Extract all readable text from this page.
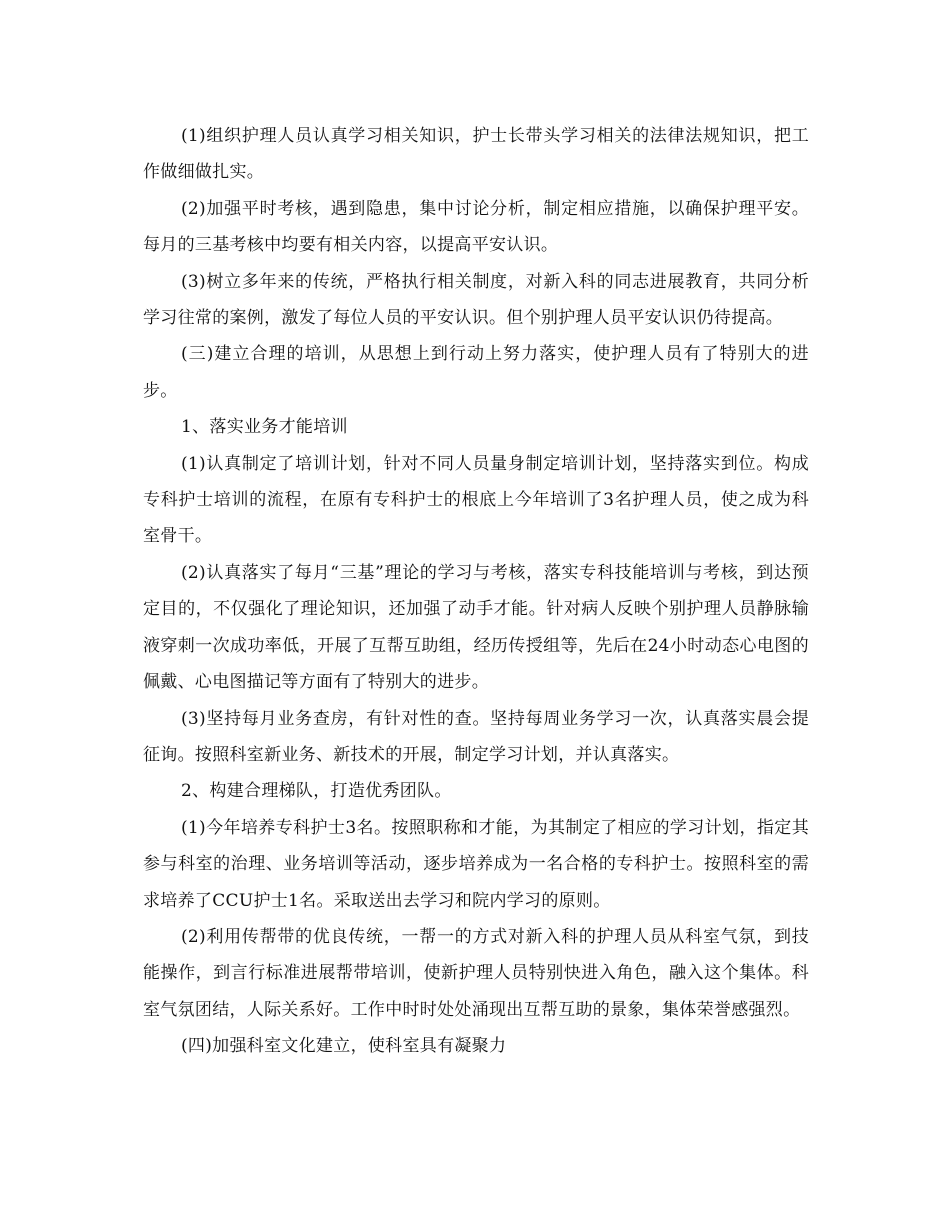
(1)组织护理人员认真学习相关知识，护士长带头学习相关的法律法规知识，把工作做细做扎实。

(2)加强平时考核，遇到隐患，集中讨论分析，制定相应措施，以确保护理平安。每月的三基考核中均要有相关内容，以提高平安认识。

(3)树立多年来的传统，严格执行相关制度，对新入科的同志进展教育，共同分析学习往常的案例，激发了每位人员的平安认识。但个别护理人员平安认识仍待提高。

(三)建立合理的培训，从思想上到行动上努力落实，使护理人员有了特别大的进步。

1、落实业务才能培训

(1)认真制定了培训计划，针对不同人员量身制定培训计划，坚持落实到位。构成专科护士培训的流程，在原有专科护士的根底上今年培训了3名护理人员，使之成为科室骨干。

(2)认真落实了每月“三基”理论的学习与考核，落实专科技能培训与考核，到达预定目的，不仅强化了理论知识，还加强了动手才能。针对病人反映个别护理人员静脉输液穿刺一次成功率低，开展了互帮互助组，经历传授组等，先后在24小时动态心电图的佩戴、心电图描记等方面有了特别大的进步。

(3)坚持每月业务查房，有针对性的查。坚持每周业务学习一次，认真落实晨会提征询。按照科室新业务、新技术的开展，制定学习计划，并认真落实。

2、构建合理梯队，打造优秀团队。

(1)今年培养专科护士3名。按照职称和才能，为其制定了相应的学习计划，指定其参与科室的治理、业务培训等活动，逐步培养成为一名合格的专科护士。按照科室的需求培养了CCU护士1名。采取送出去学习和院内学习的原则。

(2)利用传帮带的优良传统，一帮一的方式对新入科的护理人员从科室气氛，到技能操作，到言行标准进展帮带培训，使新护理人员特别快进入角色，融入这个集体。科室气氛团结，人际关系好。工作中时时处处涌现出互帮互助的景象，集体荣誉感强烈。

(四)加强科室文化建立，使科室具有凝聚力
